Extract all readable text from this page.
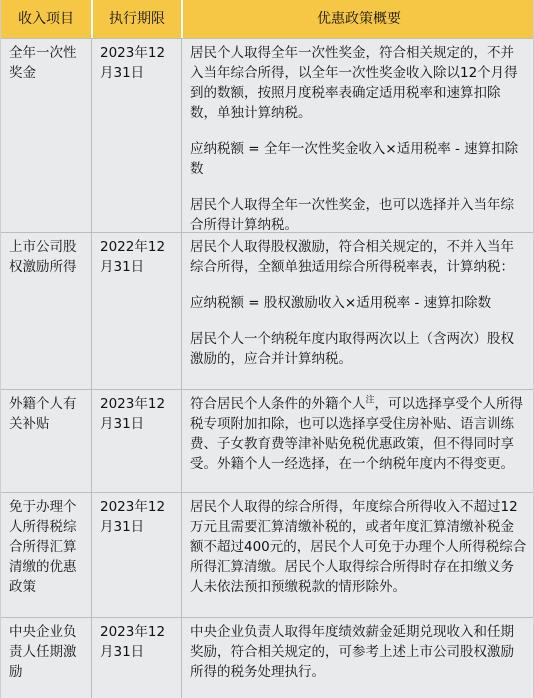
收入项目	执行期限	优惠政策概要
全年一次性奖金
2023年12月31日

居民个人取得全年一次性奖金，符合相关规定的，不并入当年综合所得，以全年一次性奖金收入除以12个月得到的数额，按照月度税率表确定适用税率和速算扣除数，单独计算纳税。

应纳税额 = 全年一次性奖金收入×适用税率 - 速算扣除数

居民个人取得全年一次性奖金，也可以选择并入当年综合所得计算纳税。

上市公司股权激励所得
2022年12月31日

居民个人取得股权激励，符合相关规定的，不并入当年综合所得，全额单独适用综合所得税率表，计算纳税：

应纳税额 = 股权激励收入×适用税率 - 速算扣除数

居民个人一个纳税年度内取得两次以上（含两次）股权激励的，应合并计算纳税。

外籍个人有关补贴
2023年12月31日

符合居民个人条件的外籍个人$^注$，可以选择享受个人所得税专项附加扣除，也可以选择享受住房补贴、语言训练费、子女教育费等津补贴免税优惠政策，但不得同时享受。外籍个人一经选择，在一个纳税年度内不得变更。

免于办理个人所得税综合所得汇算清缴的优惠政策
2023年12月31日

居民个人取得的综合所得，年度综合所得收入不超过12万元且需要汇算清缴补税的，或者年度汇算清缴补税金额不超过400元的，居民个人可免于办理个人所得税综合所得汇算清缴。居民个人取得综合所得时存在扣缴义务人未依法预扣预缴税款的情形除外。

中央企业负责人任期激励
2023年12月31日

中央企业负责人取得年度绩效薪金延期兑现收入和任期奖励，符合相关规定的，可参考上述上市公司股权激励所得的税务处理执行。
